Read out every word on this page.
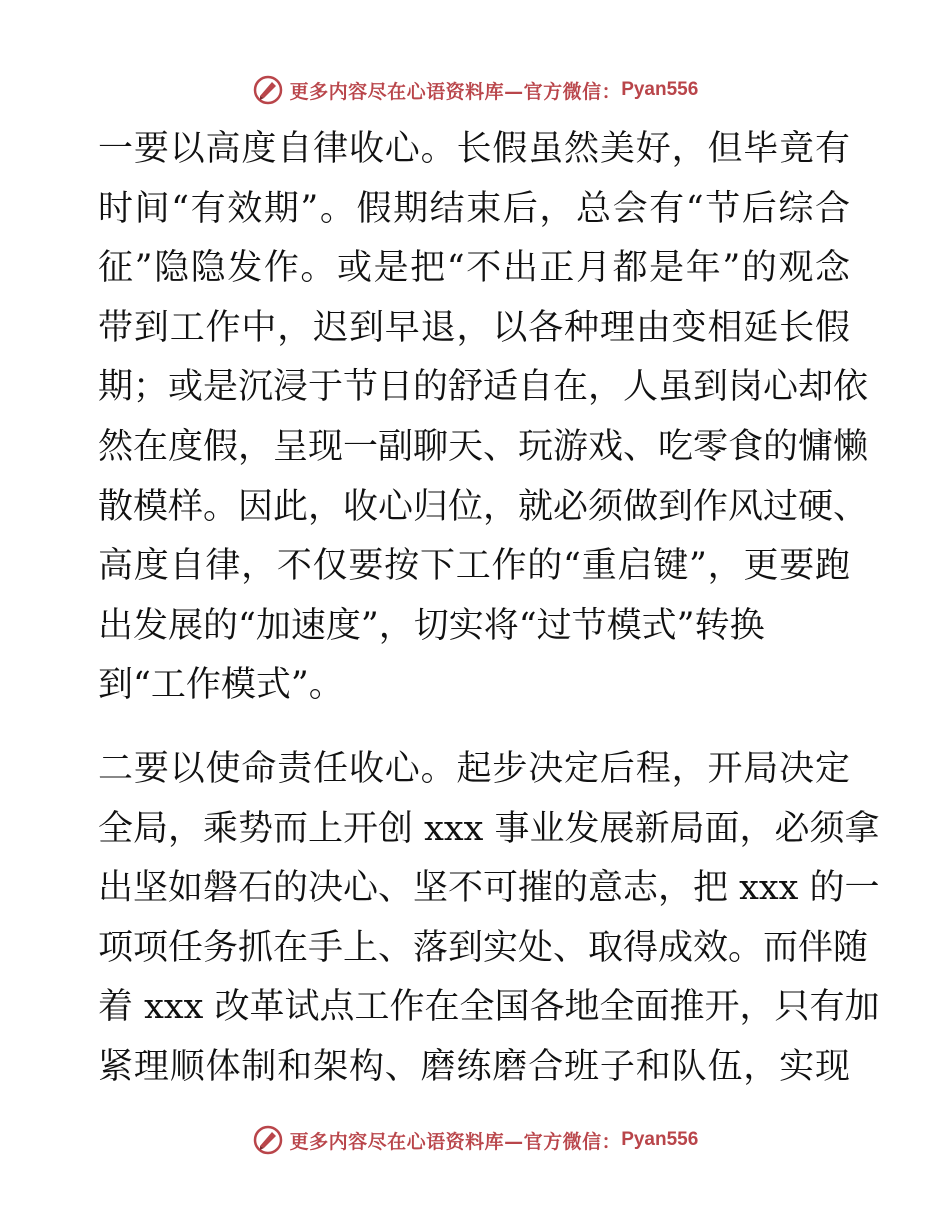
更多内容尽在心语资料库—官方微信： Pyan556

一要以高度自律收心。长假虽然美好，但毕竟有
时间“有效期”。假期结束后，总会有“节后综合
征”隐隐发作。或是把“不出正月都是年”的观念
带到工作中，迟到早退，以各种理由变相延长假
期；或是沉浸于节日的舒适自在，人虽到岗心却依
然在度假，呈现一副聊天、玩游戏、吃零食的慵懒
散模样。因此，收心归位，就必须做到作风过硬、
高度自律，不仅要按下工作的“重启键”，更要跑
出发展的“加速度”，切实将“过节模式”转换
到“工作模式”。

二要以使命责任收心。起步决定后程，开局决定
全局，乘势而上开创 xxx 事业发展新局面，必须拿
出坚如磐石的决心、坚不可摧的意志，把 xxx 的一
项项任务抓在手上、落到实处、取得成效。而伴随
着 xxx 改革试点工作在全国各地全面推开，只有加
紧理顺体制和架构、磨练磨合班子和队伍，实现

更多内容尽在心语资料库—官方微信： Pyan556
